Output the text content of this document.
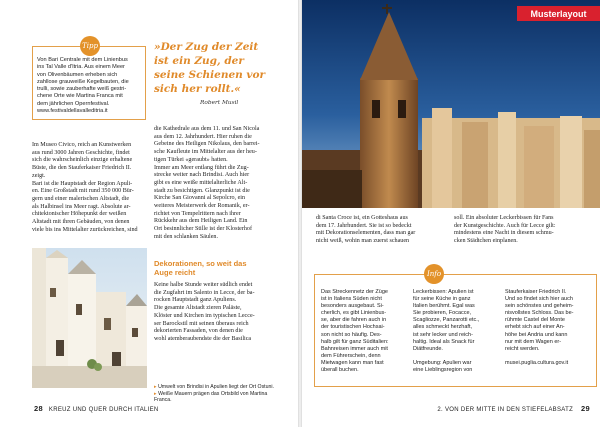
Von Bari Centrale mit dem Linienbus
ins Tal Valle d'Itria. Aus einem Meer
von Olivenbäumen erheben sich
zahllose grauweiße Kegelbauten, die
trulli, sowie zauberhafte weiß gestri-
chene Orte wie Martina Franca mit
dem jährlichen Opernfestival.
www.festivaldellavalleditria.it
Tipp	»Der Zug der Zeit ist ein Zug, der seine Schienen vor sich her rollt.«
Robert Musil
Im Museo Civico, reich an Kunstwerken
aus rund 3000 Jahren Geschichte, findet
sich die wahrscheinlich einzige erhaltene
Büste, die den Stauferkaiser Friedrich II.
zeigt.
Bari ist die Hauptstadt der Region Apuli-
en. Eine Großstadt mit rund 350 000 Bür-
gern und einer malerischen Altstadt, die
als Halbinsel ins Meer ragt. Absolute ar-
chitektonischer Höhepunkt der weißen
Altstadt mit ihren Gebäuden, von denen
viele bis ins Mittelalter zurückreichen, sind
die Kathedrale aus dem 11. und San Nicola
aus dem 12. Jahrhundert. Hier ruhen die
Gebeine des Heiligen Nikolaus, den barrei-
sche Kaufleute im Mittelalter aus der heu-
tigen Türkei «geraubt» hatten.
Immer am Meer entlang führt die Zug-
strecke weiter nach Brindisi. Auch hier
gibt es eine weiße mittelalterliche Alt-
stadt zu besichtigen. Glanzpunkt ist die
Kirche San Giovanni al Sepolcro, ein
weiteres Meisterwerk der Romanik, er-
richtet von Tempelrittern nach ihrer
Rückkehr aus dem Heiligen Land. Ein
Ort besinnlicher Stille ist der Klosterhof
mit den schlanken Säulen.
Dekorationen, so weit das Auge reicht
Keine halbe Stunde weiter südlich endet
die Zugfahrt im Salento in Lecce, der ba-
rocken Hauptstadt ganz Apuliens.
Die gesamte Altstadt zieren Paläste,
Klöster und Kirchen im typischen Lecce-
ser Barockstil mit seinen überaus reich
dekorierten Fassaden, von denen die
wohl atemberaubendste die der Basilica
▸ Umwelt von Brindisi in Apulien liegt der Ort Ostuni.
▸ Weiße Mauern prägen das Ortsbild von Martina Franca.
28 KREUZ UND QUER DURCH ITALIEN
Musterlayout
di Santa Croce ist, ein Gotteshaus aus
dem 17. Jahrhundert. Sie ist so bedeckt
mit Dekorationselementen, dass man gar
nicht weiß, wohin man zuerst schauen
soll. Ein absoluter Leckerbissen für Fans
der Kunstgeschichte. Auch für Lecce gilt:
mindestens eine Nacht in diesem schmu-
cken Städtchen einplanen.
Das Streckennetz der Züge
ist in Italiens Süden nicht
besonders ausgebaut. Si-
cherlich, es gibt Linienbus-
se, aber die fahren auch in
der touristischen Hochsai-
son nicht so häufig. Des-
halb gilt für ganz Süditalien:
Bahnreisen immer auch mit
dem Führerschein, denn
Mietwagen kann man fast
überall buchen.
Leckerbissen: Apulien ist
für seine Küche in ganz
Italien berühmt. Egal was
Sie probieren, Focacce,
Scagliozze, Panzarotti etc.,
alles schmeckt herzhaft,
ist sehr lecker und reich-
haltig. Ideal als Snack für
Diätfreunde.

Umgebung: Apulien war
eine Lieblingsregion von
Stauferkaiser Friedrich II.
Und so findet sich hier auch
sein schönstes und geheim-
nisvollstes Schloss. Das be-
rühmte Castel del Monte
erhebt sich auf einer An-
höhe bei Andria und kann
nur mit dem Wagen er-
reicht werden.

musei.puglia.cultura.gov.it
Info
2. VON DER MITTE IN DEN STIEFELABSATZ 29
